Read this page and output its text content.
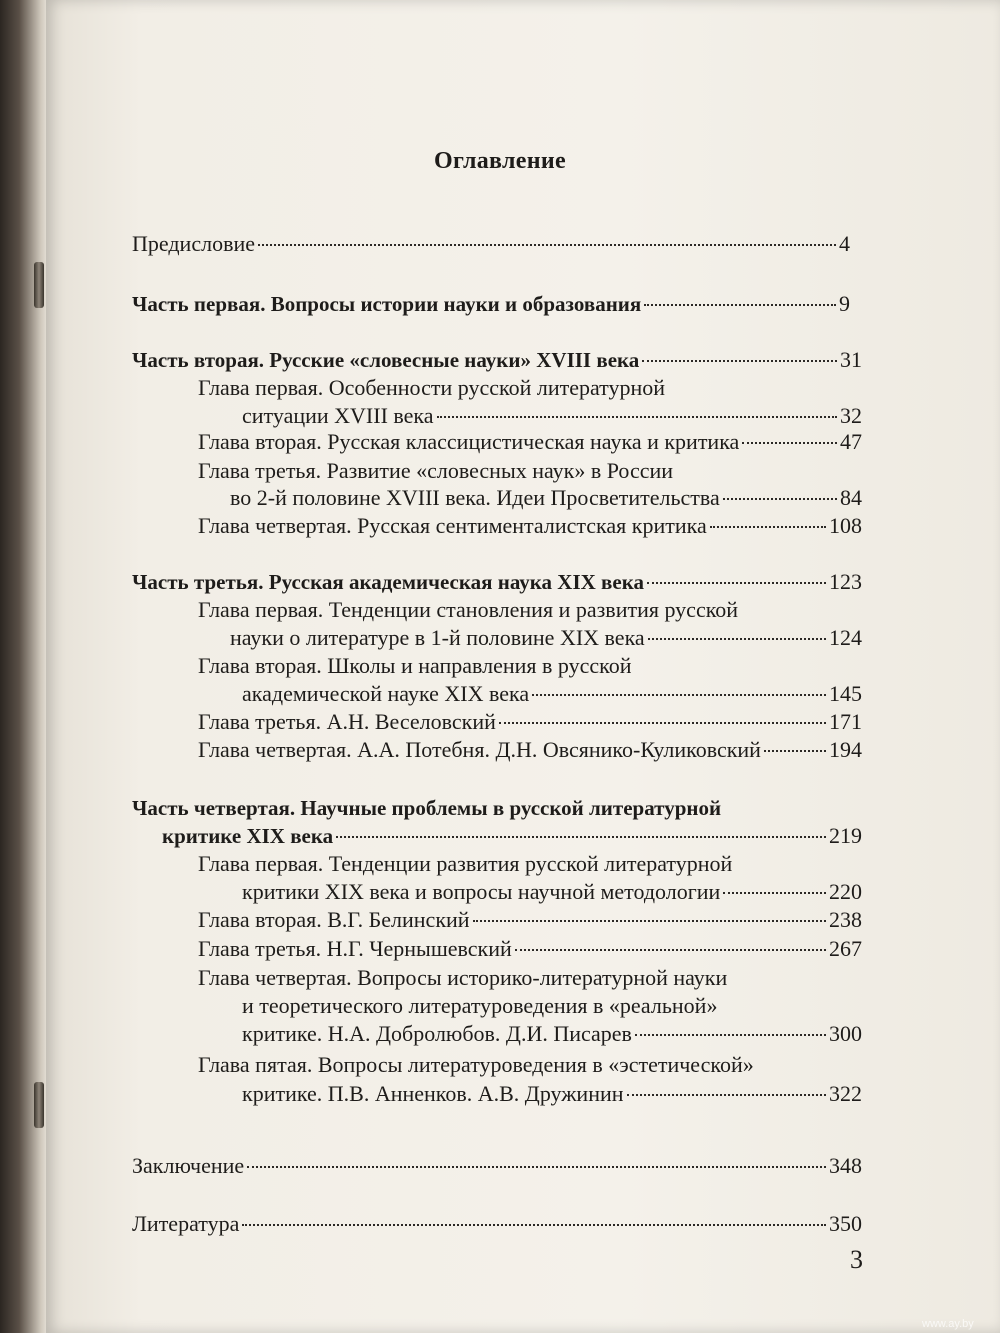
Оглавление
Предисловие	4
Часть первая. Вопросы истории науки и образования	9
Часть вторая. Русские «словесные науки» XVIII века	31
Глава первая. Особенности русской литературной
ситуации XVIII века	32
Глава вторая. Русская классицистическая наука и критика	47
Глава третья. Развитие «словесных наук» в России
во 2-й половине XVIII века. Идеи Просветительства	84
Глава четвертая. Русская сентименталистская критика	108
Часть третья. Русская академическая наука XIX века	123
Глава первая. Тенденции становления и развития русской
науки о литературе в 1-й половине XIX века	124
Глава вторая. Школы и направления в русской
академической науке XIX века	145
Глава третья. А.Н. Веселовский	171
Глава четвертая. А.А. Потебня. Д.Н. Овсянико-Куликовский	194
Часть четвертая. Научные проблемы в русской литературной
критике XIX века	219
Глава первая. Тенденции развития русской литературной
критики XIX века и вопросы научной методологии	220
Глава вторая. В.Г. Белинский	238
Глава третья. Н.Г. Чернышевский	267
Глава четвертая. Вопросы историко-литературной науки
и теоретического литературоведения в «реальной»
критике. Н.А. Добролюбов. Д.И. Писарев	300
Глава пятая. Вопросы литературоведения в «эстетической»
критике. П.В. Анненков. А.В. Дружинин	322
Заключение	348
Литература	350
3
www.ay.by
